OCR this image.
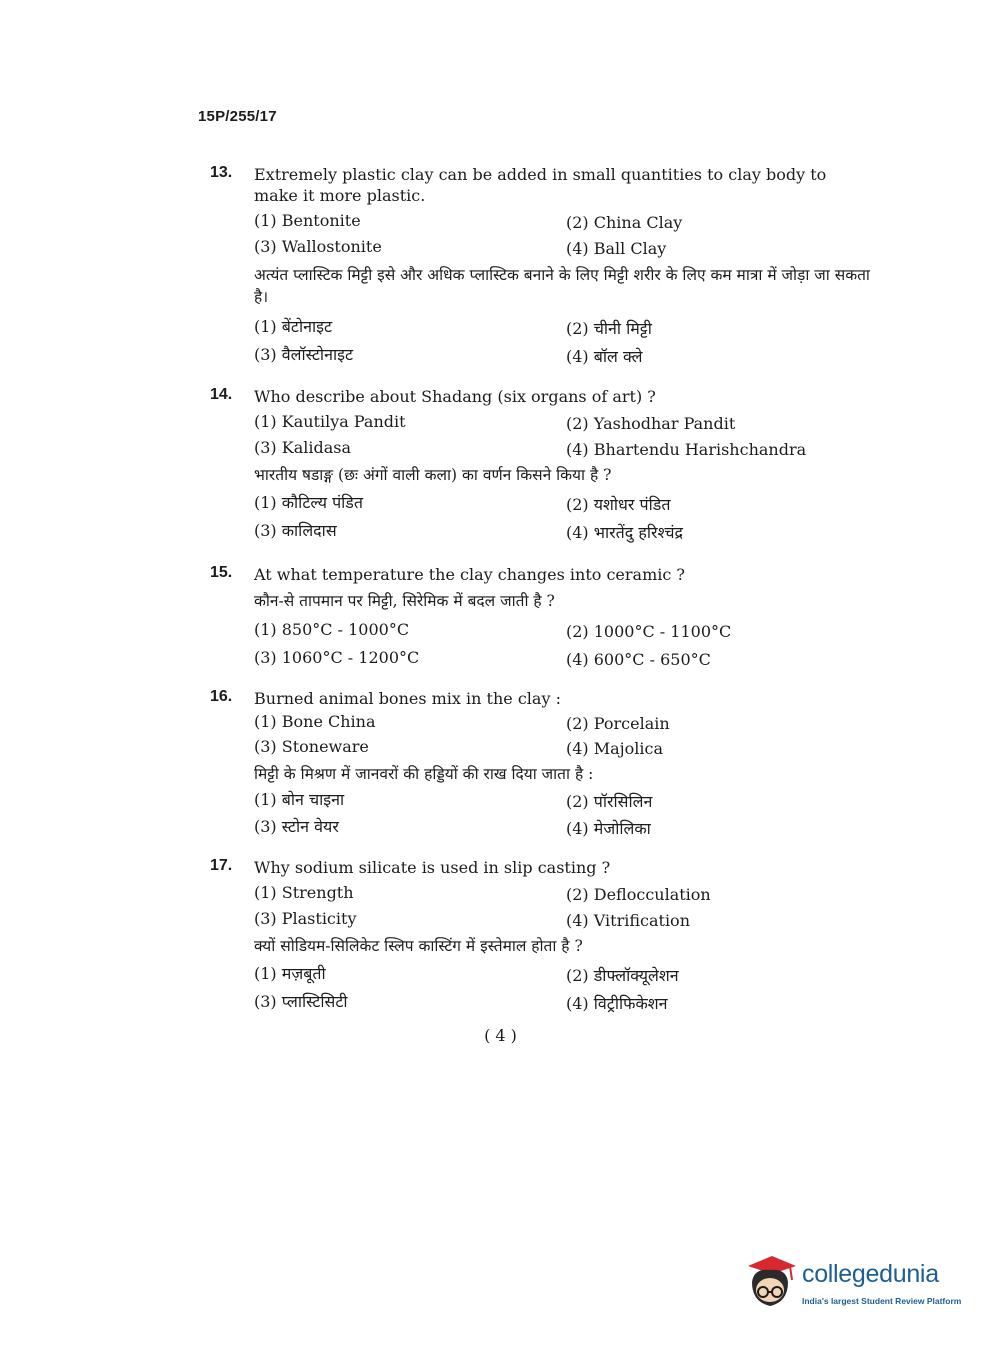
15P/255/17
13. Extremely plastic clay can be added in small quantities to clay body to make it more plastic.
(1) Bentonite	(2) China Clay
(3) Wallostonite	(4) Ball Clay
अत्यंत प्लास्टिक मिट्टी इसे और अधिक प्लास्टिक बनाने के लिए मिट्टी शरीर के लिए कम मात्रा में जोड़ा जा सकता है।
(1) बेंटोनाइट	(2) चीनी मिट्टी
(3) वैलॉस्टोनाइट	(4) बॉल क्ले
14. Who describe about Shadang (six organs of art) ?
(1) Kautilya Pandit	(2) Yashodhar Pandit
(3) Kalidasa	(4) Bhartendu Harishchandra
भारतीय षडाङ्ग (छः अंगों वाली कला) का वर्णन किसने किया है ?
(1) कौटिल्य पंडित	(2) यशोधर पंडित
(3) कालिदास	(4) भारतेंदु हरिश्चंद्र
15. At what temperature the clay changes into ceramic ?
कौन-से तापमान पर मिट्टी, सिरेमिक में बदल जाती है ?
(1) 850°C - 1000°C	(2) 1000°C - 1100°C
(3) 1060°C - 1200°C	(4) 600°C - 650°C
16. Burned animal bones mix in the clay :
(1) Bone China	(2) Porcelain
(3) Stoneware	(4) Majolica
मिट्टी के मिश्रण में जानवरों की हड्डियों की राख दिया जाता है :
(1) बोन चाइना	(2) पॉरसिलिन
(3) स्टोन वेयर	(4) मेजोलिका
17. Why sodium silicate is used in slip casting ?
(1) Strength	(2) Deflocculation
(3) Plasticity	(4) Vitrification
क्यों सोडियम-सिलिकेट स्लिप कास्टिंग में इस्तेमाल होता है ?
(1) मज़बूती	(2) डीफ्लॉक्यूलेशन
(3) प्लास्टिसिटी	(4) विट्रीफिकेशन
( 4 )
collegedunia
India's largest Student Review Platform
